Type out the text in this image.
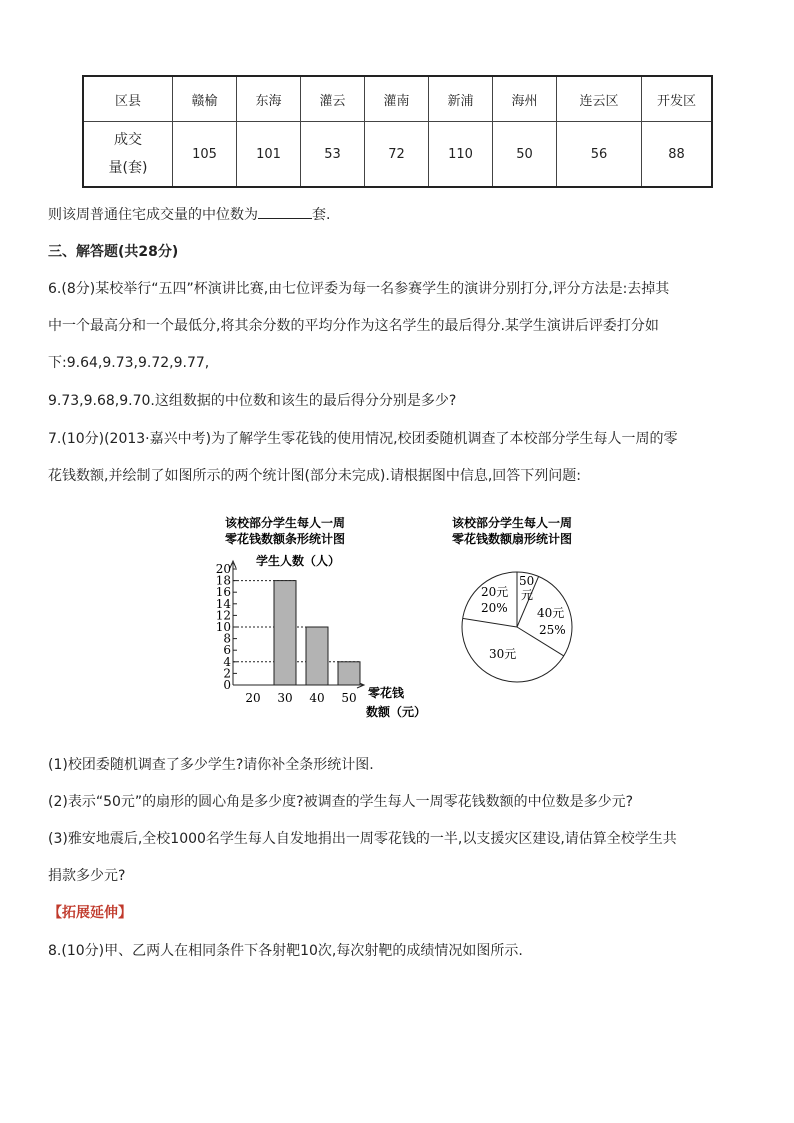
区县	赣榆	东海	灌云	灌南	新浦	海州	连云区	开发区
成交
量(套)	105	101	53	72	110	50	56	88
则该周普通住宅成交量的中位数为	套.
三、解答题(共28分)
6.(8分)某校举行“五四”杯演讲比赛,由七位评委为每一名参赛学生的演讲分别打分,评分方法是:去掉其
中一个最高分和一个最低分,将其余分数的平均分作为这名学生的最后得分.某学生演讲后评委打分如
下:9.64,9.73,9.72,9.77,
9.73,9.68,9.70.这组数据的中位数和该生的最后得分分别是多少?
7.(10分)(2013·嘉兴中考)为了解学生零花钱的使用情况,校团委随机调查了本校部分学生每人一周的零
花钱数额,并绘制了如图所示的两个统计图(部分未完成).请根据图中信息,回答下列问题:
该校部分学生每人一周
零花钱数额条形统计图
学生人数（人）
0
2
4
6
8
10
12
14
16
18
20
20 30 40 50 零花钱
数额（元）
该校部分学生每人一周
零花钱数额扇形统计图
50
元
40元
25%
30元
20元
20%
(1)校团委随机调查了多少学生?请你补全条形统计图.
(2)表示“50元”的扇形的圆心角是多少度?被调查的学生每人一周零花钱数额的中位数是多少元?
(3)雅安地震后,全校1000名学生每人自发地捐出一周零花钱的一半,以支援灾区建设,请估算全校学生共
捐款多少元?
【拓展延伸】
8.(10分)甲、乙两人在相同条件下各射靶10次,每次射靶的成绩情况如图所示.
